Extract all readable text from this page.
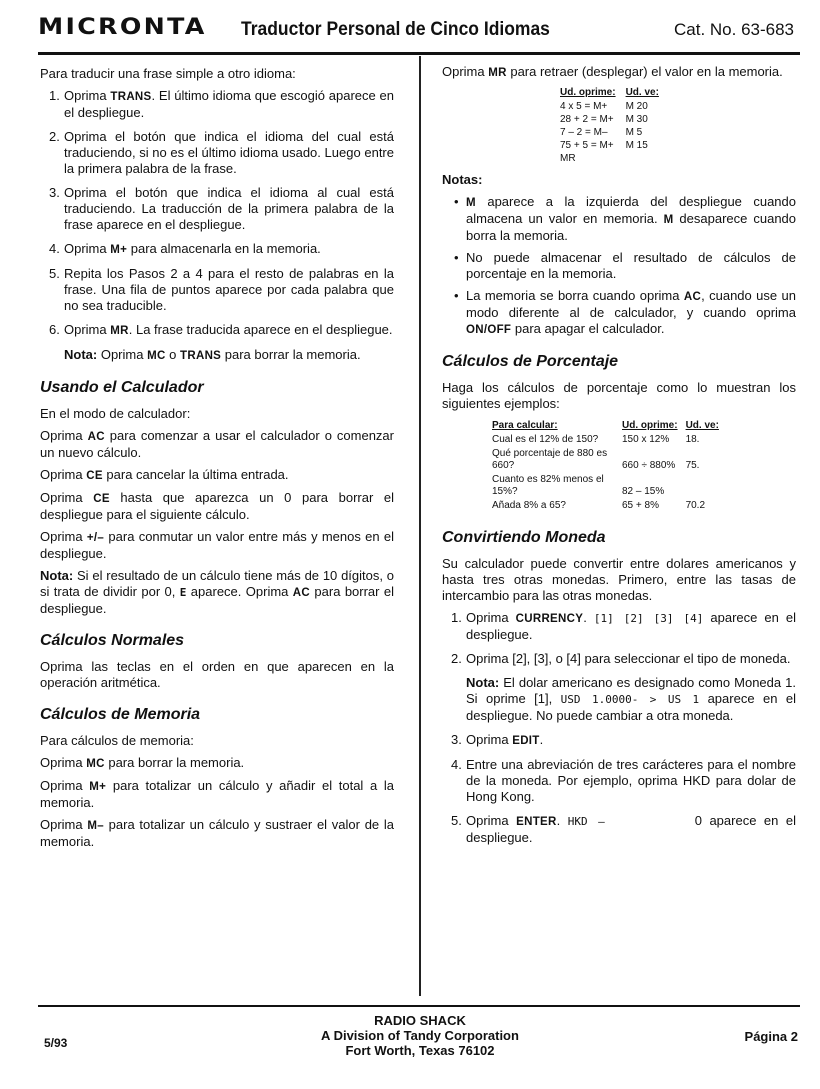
MICRONTA Traductor Personal de Cinco Idiomas	Cat. No. 63-683

Para traducir una frase simple a otro idioma:

1. Oprima TRANS. El último idioma que escogió aparece en el despliegue.
2. Oprima el botón que indica el idioma del cual está traduciendo, si no es el último idioma usado. Luego entre la primera palabra de la frase.
3. Oprima el botón que indica el idioma al cual está traduciendo. La traducción de la primera palabra de la frase aparece en el despliegue.
4. Oprima M+ para almacenarla en la memoria.
5. Repita los Pasos 2 a 4 para el resto de palabras en la frase. Una fila de puntos aparece por cada palabra que no sea traducible.
6. Oprima MR. La frase traducida aparece en el despliegue.

Nota: Oprima MC o TRANS para borrar la memoria.

Usando el Calculador

En el modo de calculador:

Oprima AC para comenzar a usar el calculador o comenzar un nuevo cálculo.

Oprima CE para cancelar la última entrada.

Oprima CE hasta que aparezca un 0 para borrar el despliegue para el siguiente cálculo.

Oprima +/– para conmutar un valor entre más y menos en el despliegue.

Nota: Si el resultado de un cálculo tiene más de 10 dígitos, o si trata de dividir por 0, E aparece. Oprima AC para borrar el despliegue.

Cálculos Normales

Oprima las teclas en el orden en que aparecen en la operación aritmética.

Cálculos de Memoria

Para cálculos de memoria:

Oprima MC para borrar la memoria.

Oprima M+ para totalizar un cálculo y añadir el total a la memoria.

Oprima M– para totalizar un cálculo y sustraer el valor de la memoria.

Oprima MR para retraer (desplegar) el valor en la memoria.

Ud. oprime:	Ud. ve:
4 x 5 = M+	M 20
28 + 2 = M+	M 30
7 – 2 = M–	M 5
75 + 5 = M+	M 15
MR	

Notas:

• M aparece a la izquierda del despliegue cuando almacena un valor en memoria. M desaparece cuando borra la memoria.
• No puede almacenar el resultado de cálculos de porcentaje en la memoria.
• La memoria se borra cuando oprima AC, cuando use un modo diferente al de calculador, y cuando oprima ON/OFF para apagar el calculador.
Cálculos de Porcentaje

Haga los cálculos de porcentaje como lo muestran los siguientes ejemplos:

Para calcular:	Ud. oprime:	Ud. ve:
Cual es el 12% de 150?	150 x 12%	18.
Qué porcentaje de 880 es 660?	660 ÷ 880%	75.
Cuanto es 82% menos el 15%?	82 – 15%	
Añada 8% a 65?	65 + 8%	70.2
Convirtiendo Moneda

Su calculador puede convertir entre dolares americanos y hasta tres otras monedas. Primero, entre las tasas de intercambio para las otras monedas.

1. Oprima CURRENCY. [1] [2] [3] [4] aparece en el despliegue.
2. Oprima [2], [3], o [4] para seleccionar el tipo de moneda.

Nota: El dolar americano es designado como Moneda 1. Si oprime [1], USD 1.0000- > US 1 aparece en el despliegue. No puede cambiar a otra moneda.

3. Oprima EDIT.
4. Entre una abreviación de tres carácteres para el nombre de la moneda. Por ejemplo, oprima HKD para dolar de Hong Kong.
5. Oprima ENTER. HKD –	0 aparece en el despliegue.
5/93
RADIO SHACK
A Division of Tandy Corporation
Fort Worth, Texas 76102
Página 2
